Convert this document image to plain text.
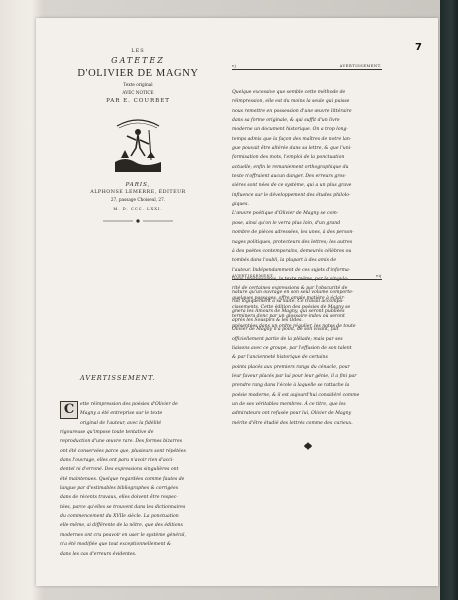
7
LES
GATETEZ
D'OLIVIER DE MAGNY
Texte original
AVEC NOTICE
PAR E. COURBET
PARIS,
ALPHONSE LEMERRE, ÉDITEUR
27, passage Choiseul, 27.
M. D. CCC. LXXI.
AVERTISSEMENT.
C	ette réimpression des poésies d'Olivier de
Magny a été entreprise sur le texte
original de l'auteur, avec la fidélité
rigoureuse qu'impose toute tentative de
reproduction d'une œuvre rare. Des formes bizarres
ont été conservées parce que, plusieurs sont répétées
dans l'ouvrage, elles ont paru n'avoir rien d'acci-
dentel ni d'erroné. Des expressions singulières ont
été maintenues. Quelque regardées comme fautes de
langue par d'estimables bibliographes & corrigées
dans de récents travaux, elles doivent être respec-
tées, parce qu'elles se trouvent dans les dictionnaires
du commencement du XVIIe siècle. La ponctuation
elle-même, si différente de la nôtre, que des éditions
modernes ont cru pouvoir en user le système général,
n'a été modifiée que tout exceptionnellement &
dans les cas d'erreurs évidentes.
vj	AVERTISSEMENT.
Quelque excessive que semble cette méthode de
réimpression, elle est du moins la seule qui puisse
nous remettre en possession d'une œuvre littéraire
dans sa forme originale, & qui suffit d'un livre
moderne un document historique. On a trop long-
temps admis que la façon des maîtres de notre lan-
gue pouvait être altérée dans sa lettre, & que l'uni-
formisation des mots, l'emploi de la ponctuation
actuelle, enfin le remaniement orthographique du
texte n'offraient aucun danger. Des erreurs gros-
sières sont nées de ce système, qui a un plus grave
influence sur le développement des études philolo-
giques.
L'œuvre poétique d'Olivier de Magny se com-
pose, ainsi qu'on le verra plus loin, d'un grand
nombre de pièces adressées, les unes, à des person-
nages politiques, protecteurs des lettres; les autres
à des poètes contemporains, demeurés célèbres ou
tombés dans l'oubli, la plupart à des amis de
l'auteur. Indépendamment de ces sujets d'informa-
tions intéressantes, le texte même, par la singula-
rité de certaines expressions & par l'obscurité de
quelques passages, offre ample matière à éclair-
cissements. Cette édition des poésies de Magny se
terminera donc par un glossaire-index où seront
présentées dans un ordre régulier, les notes de toute
AVERTISSEMENT.	vij
nature qu'un ouvrage en son seul volume comporte-
rait logiquement à sa suite. Ce travail accompa-
gnera les Amours de Magny, qui seront publiées
après les Souspirs & les Odes.
Olivier de Magny n'a point, de son vivant, fait
officiellement partie de la pléiade; mais par ses
liaisons avec ce groupe, par l'effusion de son talent
& par l'ancienneté historique de certains
points placés aux premiers rangs du cénacle, pour
leur faveur placés par lui pour leur génie, il a fini par
prendre rang dans l'école à laquelle se rattache la
poésie moderne, & il est aujourd'hui considéré comme
un de ses véritables membres. À ce titre, que les
admirateurs ont refusée pour lui, Olivier de Magny
mérite d'être étudié des lettrés comme des curieux.
